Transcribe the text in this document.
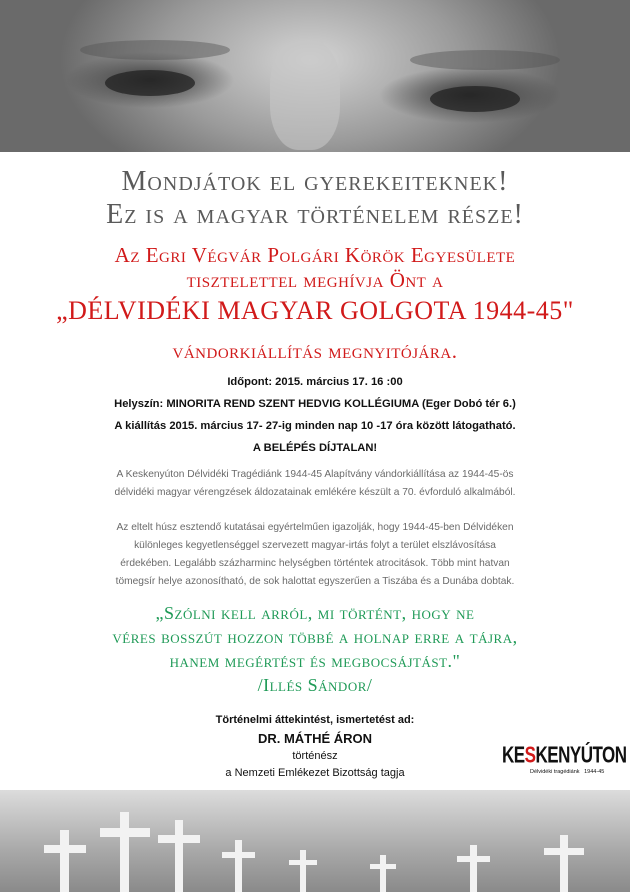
Mondjátok el gyerekeiteknek!
Ez is a magyar történelem része!
Az Egri Végvár Polgári Körök Egyesülete
tisztelettel meghívja Önt a
„DÉLVIDÉKI MAGYAR GOLGOTA 1944-45"
vándorkiállítás megnyitójára.
Időpont: 2015. március 17. 16 :00
Helyszín: MINORITA REND SZENT HEDVIG KOLLÉGIUMA (Eger Dobó tér 6.)
A kiállítás 2015. március 17- 27-ig minden nap 10 -17 óra között látogatható.
A BELÉPÉS DÍJTALAN!
A Keskenyúton Délvidéki Tragédiánk 1944-45 Alapítvány vándorkiállítása az 1944-45-ös
délvidéki magyar vérengzések áldozatainak emlékére készült a 70. évforduló alkalmából.
Az eltelt húsz esztendő kutatásai egyértelműen igazolják, hogy 1944-45-ben Délvidéken
különleges kegyetlenséggel szervezett magyar-irtás folyt a terület elszlávosítása
érdekében. Legalább százharminc helységben történtek atrocitások. Több mint hatvan
tömegsír helye azonosítható, de sok halottat egyszerűen a Tiszába és a Dunába dobtak.
„Szólni kell arról, mi történt, hogy ne
véres bosszút hozzon többé a holnap erre a tájra,
hanem megértést és megbocsájtást."
/Illés Sándor/
Történelmi áttekintést, ismertetést ad:
DR. MÁTHÉ ÁRON
történész
a Nemzeti Emlékezet Bizottság tagja
KESKENYÚTON
Délvidéki tragédiánk 1944-45
